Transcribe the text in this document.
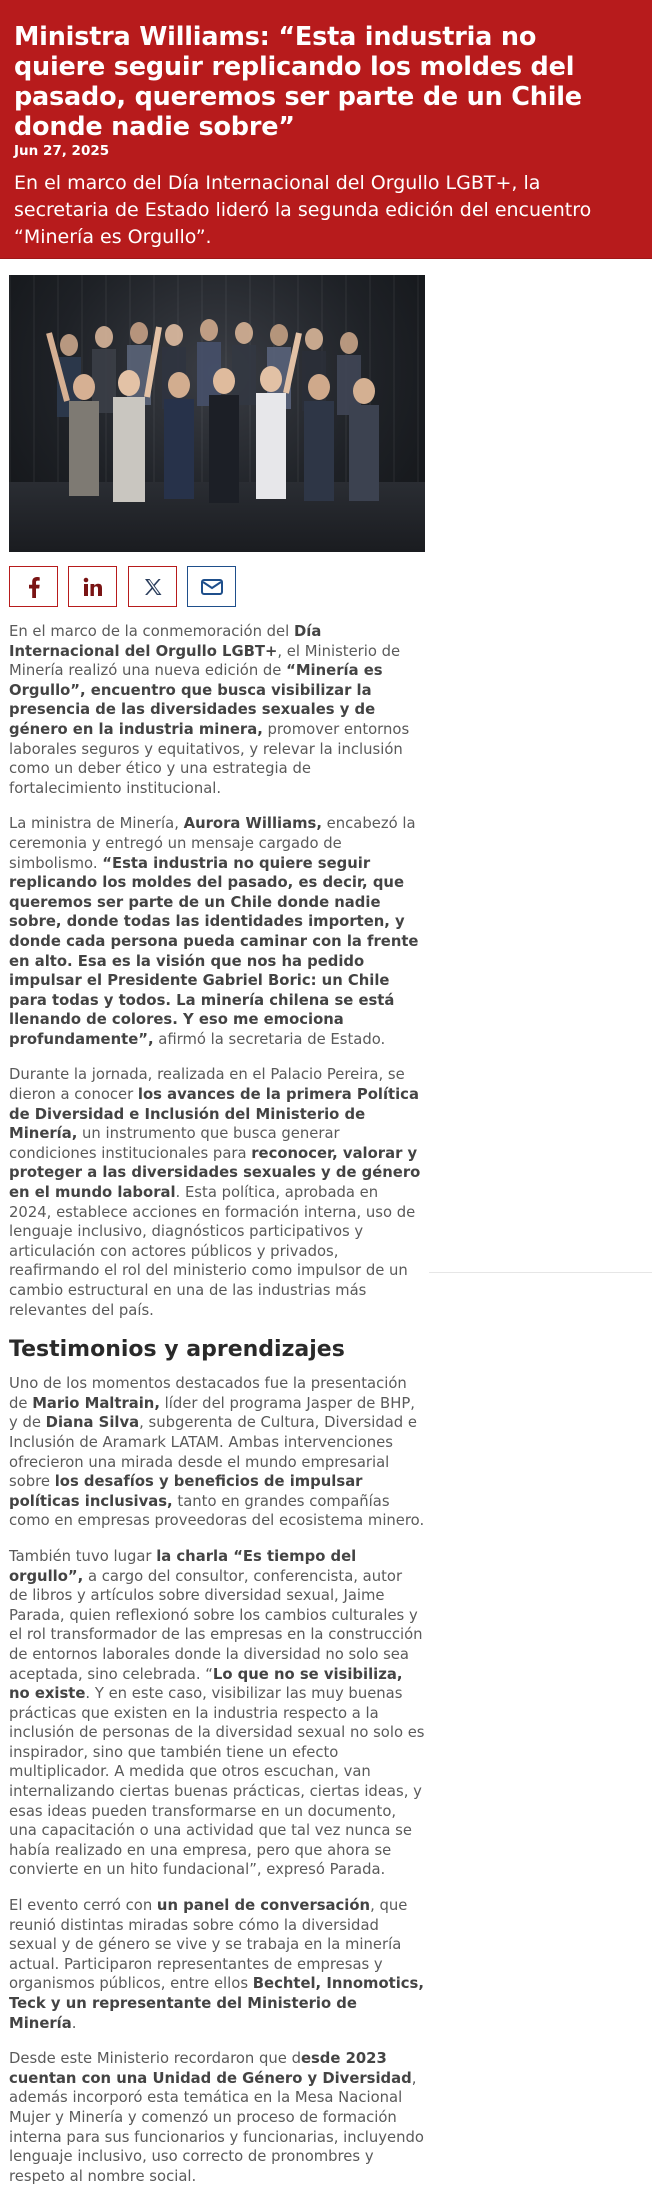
Ministra Williams: “Esta industria no quiere seguir replicando los moldes del pasado, queremos ser parte de un Chile donde nadie sobre”
Jun 27, 2025
En el marco del Día Internacional del Orgullo LGBT+, la secretaria de Estado lideró la segunda edición del encuentro “Minería es Orgullo”.

En el marco de la conmemoración del Día Internacional del Orgullo LGBT+, el Ministerio de Minería realizó una nueva edición de “Minería es Orgullo”, encuentro que busca visibilizar la presencia de las diversidades sexuales y de género en la industria minera, promover entornos laborales seguros y equitativos, y relevar la inclusión como un deber ético y una estrategia de fortalecimiento institucional.

La ministra de Minería, Aurora Williams, encabezó la ceremonia y entregó un mensaje cargado de simbolismo. “Esta industria no quiere seguir replicando los moldes del pasado, es decir, que queremos ser parte de un Chile donde nadie sobre, donde todas las identidades importen, y donde cada persona pueda caminar con la frente en alto. Esa es la visión que nos ha pedido impulsar el Presidente Gabriel Boric: un Chile para todas y todos. La minería chilena se está llenando de colores. Y eso me emociona profundamente”, afirmó la secretaria de Estado.

Durante la jornada, realizada en el Palacio Pereira, se dieron a conocer los avances de la primera Política de Diversidad e Inclusión del Ministerio de Minería, un instrumento que busca generar condiciones institucionales para reconocer, valorar y proteger a las diversidades sexuales y de género en el mundo laboral. Esta política, aprobada en 2024, establece acciones en formación interna, uso de lenguaje inclusivo, diagnósticos participativos y articulación con actores públicos y privados, reafirmando el rol del ministerio como impulsor de un cambio estructural en una de las industrias más relevantes del país.

Testimonios y aprendizajes

Uno de los momentos destacados fue la presentación de Mario Maltrain, líder del programa Jasper de BHP, y de Diana Silva, subgerenta de Cultura, Diversidad e Inclusión de Aramark LATAM. Ambas intervenciones ofrecieron una mirada desde el mundo empresarial sobre los desafíos y beneficios de impulsar políticas inclusivas, tanto en grandes compañías como en empresas proveedoras del ecosistema minero.

También tuvo lugar la charla “Es tiempo del orgullo”, a cargo del consultor, conferencista, autor de libros y artículos sobre diversidad sexual, Jaime Parada, quien reflexionó sobre los cambios culturales y el rol transformador de las empresas en la construcción de entornos laborales donde la diversidad no solo sea aceptada, sino celebrada. “Lo que no se visibiliza, no existe. Y en este caso, visibilizar las muy buenas prácticas que existen en la industria respecto a la inclusión de personas de la diversidad sexual no solo es inspirador, sino que también tiene un efecto multiplicador. A medida que otros escuchan, van internalizando ciertas buenas prácticas, ciertas ideas, y esas ideas pueden transformarse en un documento, una capacitación o una actividad que tal vez nunca se había realizado en una empresa, pero que ahora se convierte en un hito fundacional”, expresó Parada.

El evento cerró con un panel de conversación, que reunió distintas miradas sobre cómo la diversidad sexual y de género se vive y se trabaja en la minería actual. Participaron representantes de empresas y organismos públicos, entre ellos Bechtel, Innomotics, Teck y un representante del Ministerio de Minería.

Desde este Ministerio recordaron que desde 2023 cuentan con una Unidad de Género y Diversidad, además incorporó esta temática en la Mesa Nacional Mujer y Minería y comenzó un proceso de formación interna para sus funcionarios y funcionarias, incluyendo lenguaje inclusivo, uso correcto de pronombres y respeto al nombre social.
